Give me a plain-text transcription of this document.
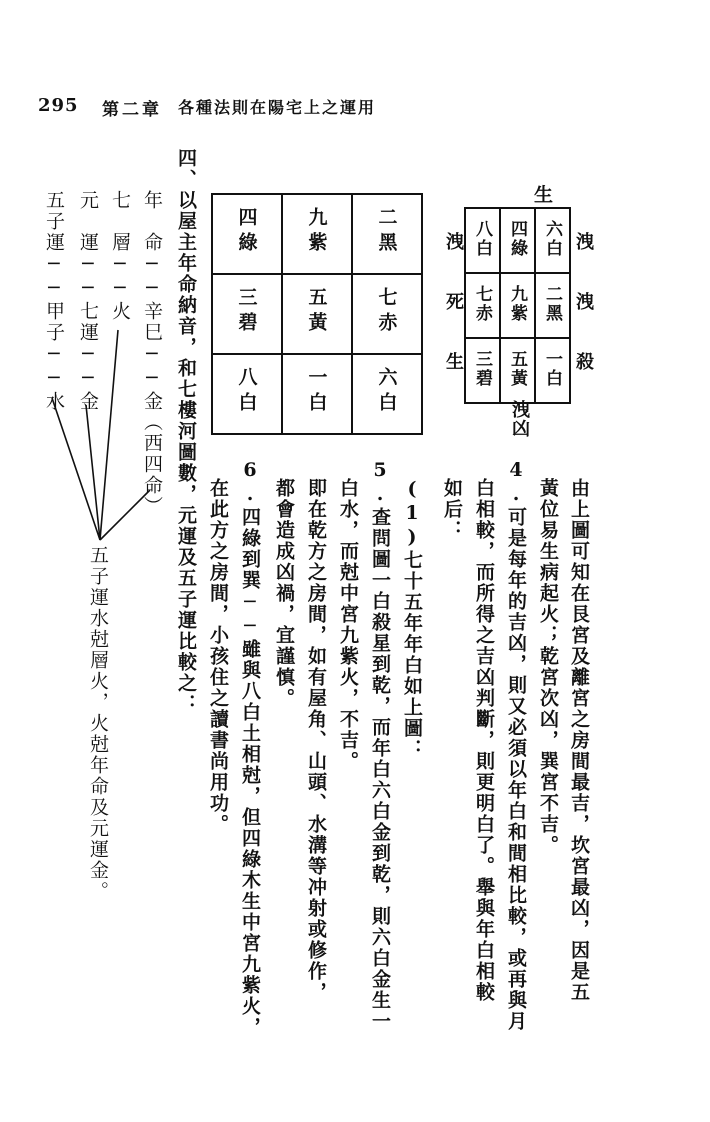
295 第二章 各種法則在陽宅上之運用
由上圖可知在艮宮及離宮之房間最吉，坎宮最凶，因是五
黃位易生病起火；乾宮次凶，巽宮不吉。
4.可是每年的吉凶，則又必須以年白和間相比較，或再與月
白相較，而所得之吉凶判斷，則更明白了。舉與年白相較
如后：
(1)七十五年年白如上圖：
5.查問圖一白殺星到乾，而年白六白金到乾，則六白金生一
白水，而尅中宮九紫火，不吉。
即在乾方之房間，如有屋角、山頭、水溝等冲射或修作，
都會造成凶禍，宜謹慎。
6.四綠到巽──雖與八白土相尅，但四綠木生中宮九紫火，
在此方之房間，小孩住之讀書尚用功。
生
洩
洩
殺
洩
死
生
洩凶
八白	四綠	六白
七赤	九紫	二黑
三碧	五黃	一白
四綠	九紫	二黑
三碧	五黃	七赤
八白	一白	六白
四、以屋主年命納音，和七樓河圖數，元運及五子運比較之：
年　命──辛巳──金（西四命）
七　層──火
元　運──七運──金
五子運──甲子──水
五子運水尅層火，火尅年命及元運金。
